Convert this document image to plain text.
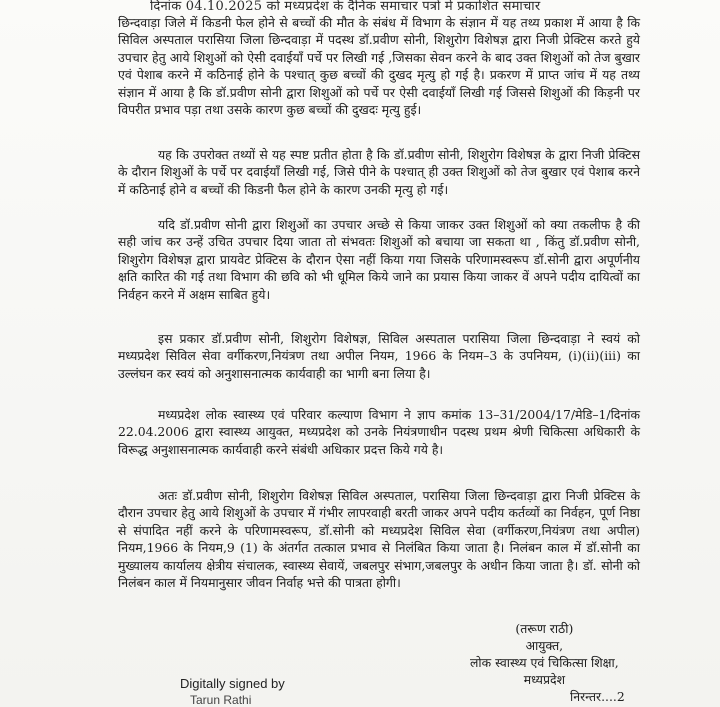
दिनांक 04.10.2025 को मध्यप्रदेश के दैनिक समाचार पत्रों में प्रकाशित समाचार

छिन्दवाड़ा जिले में किडनी फेल होने से बच्चों की मौत के संबंध में विभाग के संज्ञान में यह तथ्य प्रकाश में आया है कि सिविल अस्पताल परासिया जिला छिन्दवाड़ा में पदस्थ डॉ.प्रवीण सोनी, शिशुरोग विशेषज्ञ द्वारा निजी प्रेक्टिस करते हुये उपचार हेतु आये शिशुओं को ऐसी दवाईयाँ पर्चे पर लिखी गई ,जिसका सेवन करने के बाद उक्त शिशुओं को तेज बुखार एवं पेशाब करने में कठिनाई होने के पश्चात् कुछ बच्चों की दुखद मृत्यु हो गई है। प्रकरण में प्राप्त जांच में यह तथ्य संज्ञान में आया है कि डॉ.प्रवीण सोनी द्वारा शिशुओं को पर्चे पर ऐसी दवाईयाँ लिखी गई जिससे शिशुओं की किड़नी पर विपरीत प्रभाव पड़ा तथा उसके कारण कुछ बच्चों की दुखदः मृत्यु हुई।

यह कि उपरोक्त तथ्यों से यह स्पष्ट प्रतीत होता है कि डॉ.प्रवीण सोनी, शिशुरोग विशेषज्ञ के द्वारा निजी प्रेक्टिस के दौरान शिशुओं के पर्चे पर दवाईयाँ लिखी गई, जिसे पीने के पश्चात् ही उक्त शिशुओं को तेज बुखार एवं पेशाब करने में कठिनाई होने व बच्चों की किडनी फैल होने के कारण उनकी मृत्यु हो गई।

यदि डॉ.प्रवीण सोनी द्वारा शिशुओं का उपचार अच्छे से किया जाकर उक्त शिशुओं को क्या तकलीफ है की सही जांच कर उन्हें उचित उपचार दिया जाता तो संभवतः शिशुओं को बचाया जा सकता था , किंतु डॉ.प्रवीण सोनी, शिशुरोग विशेषज्ञ द्वारा प्रायवेट प्रेक्टिस के दौरान ऐसा नहीं किया गया जिसके परिणामस्वरूप डॉ.सोनी द्वारा अपूर्णनीय क्षति कारित की गई तथा विभाग की छवि को भी धूमिल किये जाने का प्रयास किया जाकर वें अपने पदीय दायित्वों का निर्वहन करने में अक्षम साबित हुये।

इस प्रकार डॉ.प्रवीण सोनी, शिशुरोग विशेषज्ञ, सिविल अस्पताल परासिया जिला छिन्दवाड़ा ने स्वयं को मध्यप्रदेश सिविल सेवा वर्गीकरण,नियंत्रण तथा अपील नियम, 1966 के नियम–3 के उपनियम, (i)(ii)(iii) का उल्लंघन कर स्वयं को अनुशासनात्मक कार्यवाही का भागी बना लिया है।

मध्यप्रदेश लोक स्वास्थ्य एवं परिवार कल्याण विभाग ने ज्ञाप कमांक 13–31/2004/17/मेडि–1/दिनांक 22.04.2006 द्वारा स्वास्थ्य आयुक्त, मध्यप्रदेश को उनके नियंत्रणाधीन पदस्थ प्रथम श्रेणी चिकित्सा अधिकारी के विरूद्ध अनुशासनात्मक कार्यवाही करने संबंधी अधिकार प्रदत्त किये गये है।

अतः डॉ.प्रवीण सोनी, शिशुरोग विशेषज्ञ सिविल अस्पताल, परासिया जिला छिन्दवाड़ा द्वारा निजी प्रेक्टिस के दौरान उपचार हेतु आये शिशुओं के उपचार में गंभीर लापरवाही बरती जाकर अपने पदीय कर्तव्यों का निर्वहन, पूर्ण निष्ठा से संपादित नहीं करने के परिणामस्वरूप, डॉ.सोनी को मध्यप्रदेश सिविल सेवा (वर्गीकरण,नियंत्रण तथा अपील) नियम,1966 के नियम,9 (1) के अंतर्गत तत्काल प्रभाव से निलंबित किया जाता है। निलंबन काल में डॉ.सोनी का मुख्यालय कार्यालय क्षेत्रीय संचालक, स्वास्थ्य सेवायें, जबलपुर संभाग,जबलपुर के अधीन किया जाता है। डॉ. सोनी को निलंबन काल में नियमानुसार जीवन निर्वाह भत्ते की पात्रता होगी।

(तरूण राठी)
आयुक्त,
लोक स्वास्थ्य एवं चिकित्सा शिक्षा,
मध्यप्रदेश
Digitally signed by
Tarun Rathi	निरन्तर....2
